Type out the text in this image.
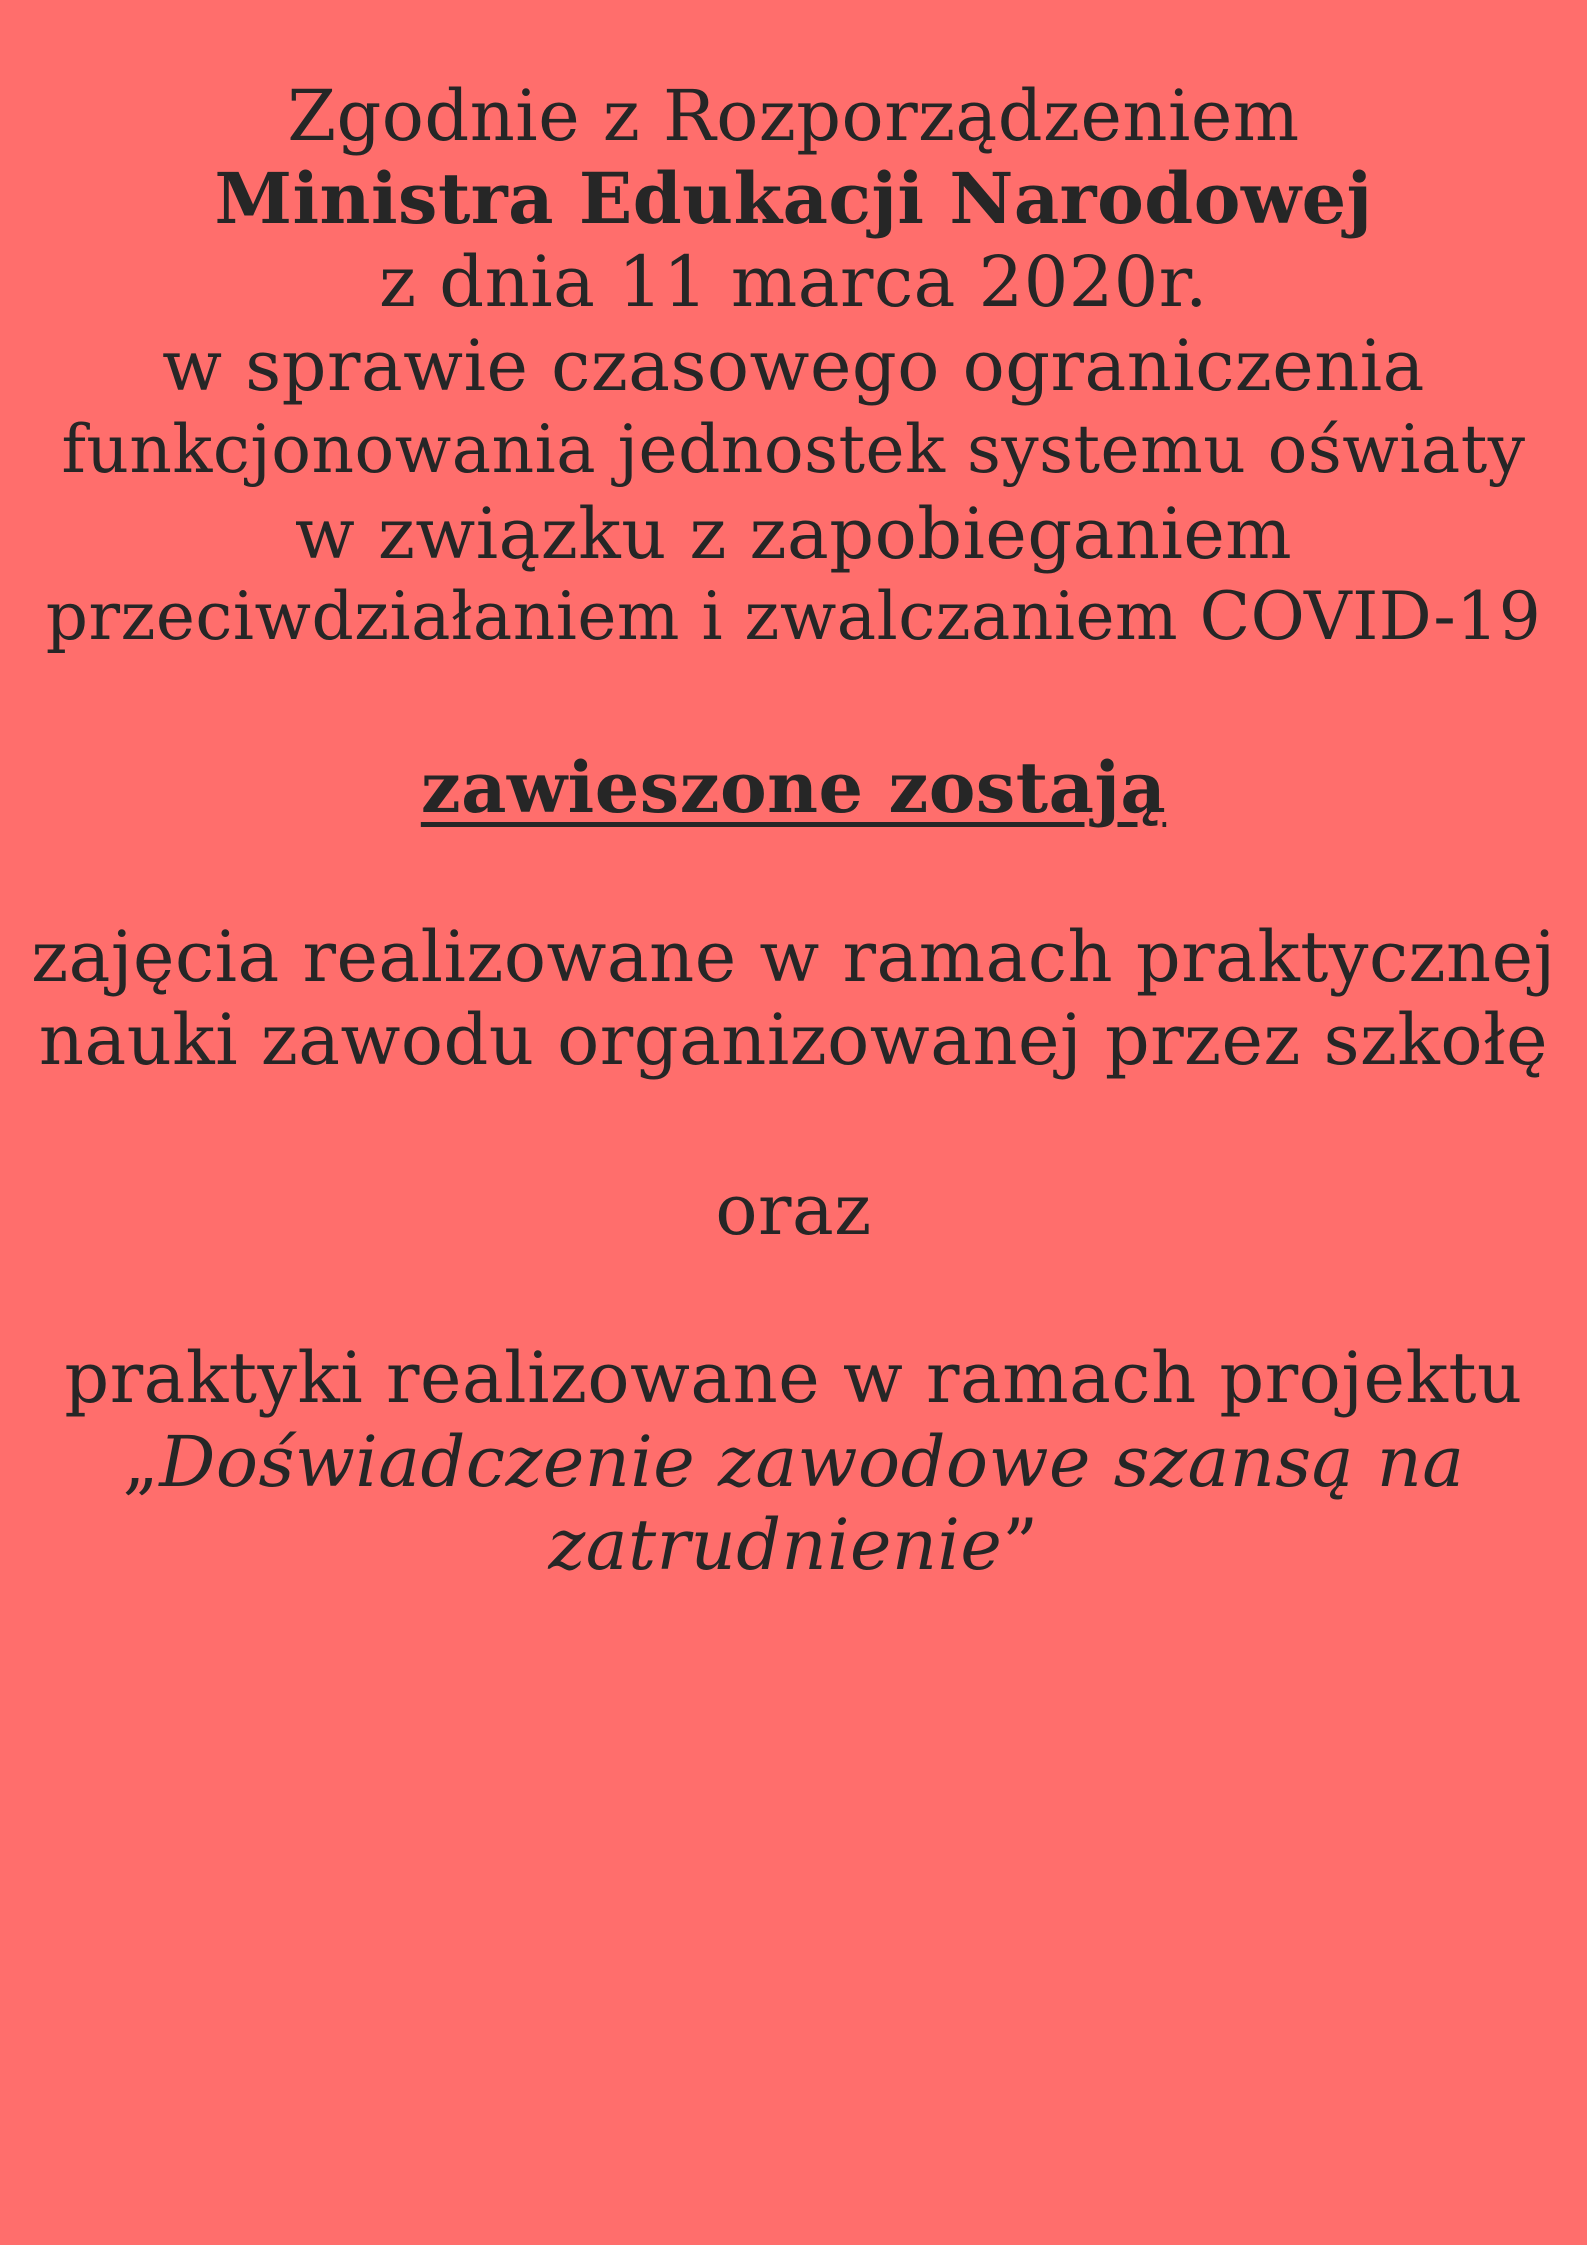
Zgodnie z Rozporządzeniem

Ministra Edukacji Narodowej

z dnia 11 marca 2020r.

w sprawie czasowego ograniczenia

funkcjonowania jednostek systemu oświaty

w związku z zapobieganiem

przeciwdziałaniem i zwalczaniem COVID-19

zawieszone zostają

zajęcia realizowane w ramach praktycznej

nauki zawodu organizowanej przez szkołę

oraz

praktyki realizowane w ramach projektu

„Doświadczenie zawodowe szansą na

zatrudnienie”
